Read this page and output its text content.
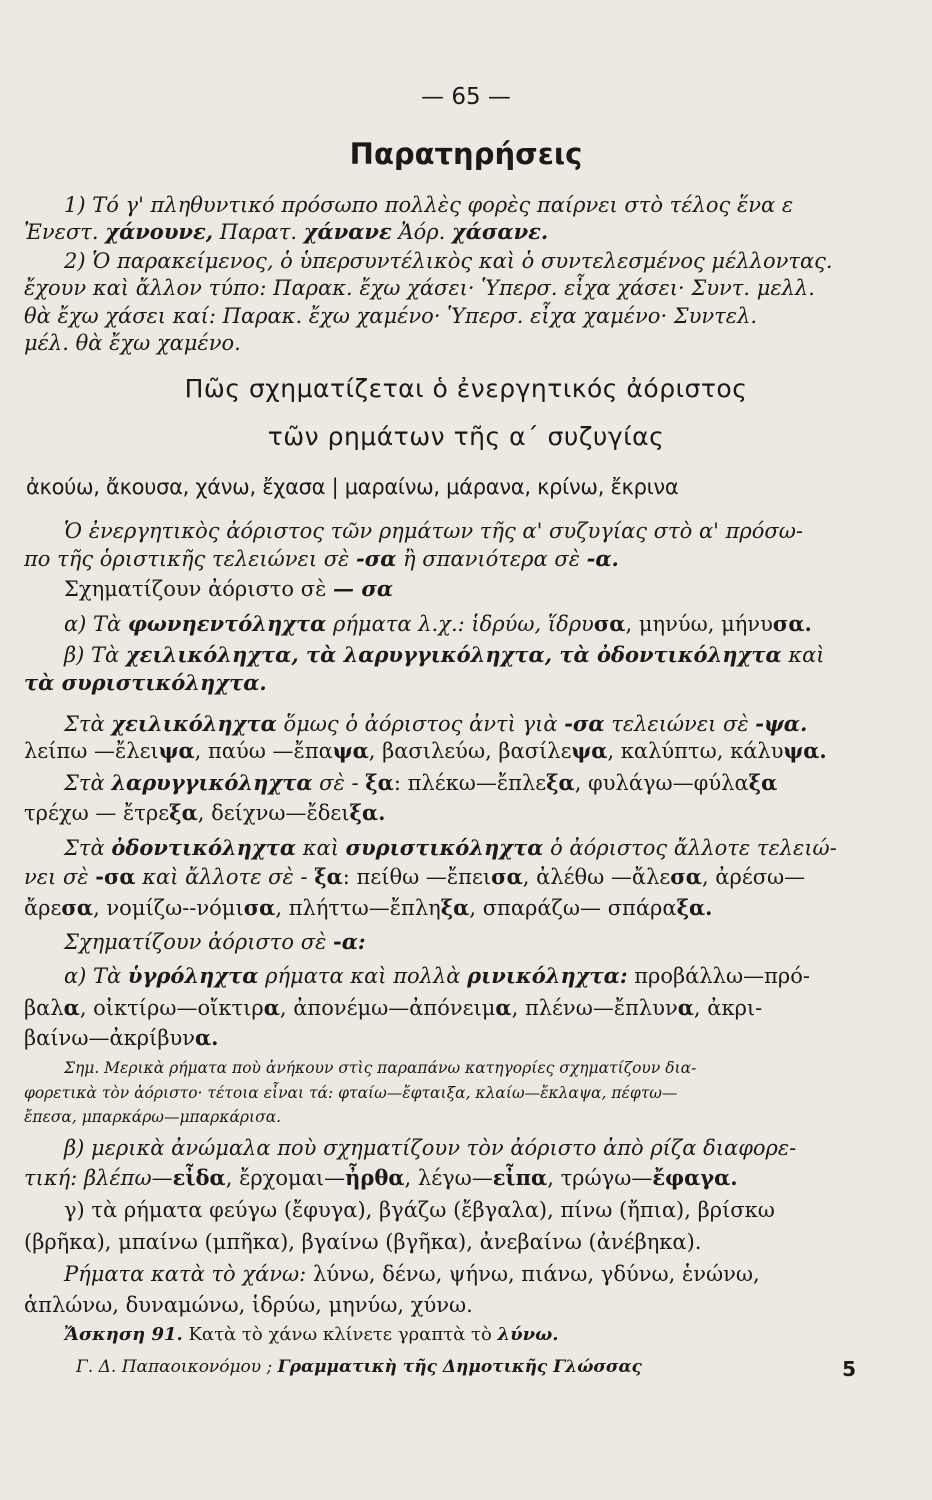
— 65 —
Παρατηρήσεις
1) Τό γ' πληθυντικό πρόσωπο πολλὲς φορὲς παίρνει στὸ τέλος ἕνα ε
Ἐνεστ. χάνουνε, Παρατ. χάνανε Ἀόρ. χάσανε.
2) Ὁ παρακείμενος, ὁ ὑπερσυντέλικὸς καὶ ὁ συντελεσμένος μέλλοντας.
ἔχουν καὶ ἄλλον τύπο: Παρακ. ἔχω χάσει· Ὑπερσ. εἶχα χάσει· Συντ. μελλ.
θὰ ἔχω χάσει καί: Παρακ. ἔχω χαμένο· Ὑπερσ. εἶχα χαμένο· Συντελ.
μέλ. θὰ ἔχω χαμένο.
Πῶς σχηματίζεται ὁ ἐνεργητικός ἀόριστος
τῶν ρημάτων τῆς α΄ συζυγίας
ἀκούω, ἄκουσα, χάνω, ἔχασα | μαραίνω, μάρανα, κρίνω, ἔκρινα
Ὁ ἐνεργητικὸς ἀόριστος τῶν ρημάτων τῆς α' συζυγίας στὸ α' πρόσω-
πο τῆς ὁριστικῆς τελειώνει σὲ -σα ἢ σπανιότερα σὲ -α.
Σχηματίζουν ἀόριστο σὲ — σα
α) Τὰ φωνηεντόληχτα ρήματα λ.χ.: ἱδρύω, ἵδρυσα, μηνύω, μήνυσα.
β) Τὰ χειλικόληχτα, τὰ λαρυγγικόληχτα, τὰ ὀδοντικόληχτα καὶ
τὰ συριστικόληχτα.
Στὰ χειλικόληχτα ὅμως ὁ ἀόριστος ἀντὶ γιὰ -σα τελειώνει σὲ -ψα.
λείπω —ἔλειψα, παύω —ἔπαψα, βασιλεύω, βασίλεψα, καλύπτω, κάλυψα.
Στὰ λαρυγγικόληχτα σὲ - ξα: πλέκω—ἔπλεξα, φυλάγω—φύλαξα
τρέχω — ἔτρεξα, δείχνω—ἔδειξα.
Στὰ ὀδοντικόληχτα καὶ συριστικόληχτα ὁ ἀόριστος ἄλλοτε τελειώ-
νει σὲ -σα καὶ ἄλλοτε σὲ - ξα: πείθω —ἔπεισα, ἀλέθω —ἄλεσα, ἀρέσω—
ἄρεσα, νομίζω--νόμισα, πλήττω—ἔπληξα, σπαράζω— σπάραξα.
Σχηματίζουν ἀόριστο σὲ -α:
α) Τὰ ὑγρόληχτα ρήματα καὶ πολλὰ ρινικόληχτα: προβάλλω—πρό-
βαλα, οἰκτίρω—οἴκτιρα, ἀπονέμω—ἀπόνειμα, πλένω—ἔπλυνα, ἀκρι-
βαίνω—ἀκρίβυνα.
Σημ. Μερικὰ ρήματα ποὺ ἀνήκουν στὶς παραπάνω κατηγορίες σχηματίζουν δια-
φορετικὰ τὸν ἀόριστο· τέτοια εἶναι τά: φταίω—ἔφταιξα, κλαίω—ἔκλαψα, πέφτω—
ἔπεσα, μπαρκάρω—μπαρκάρισα.
β) μερικὰ ἀνώμαλα ποὺ σχηματίζουν τὸν ἀόριστο ἀπὸ ρίζα διαφορε-
τική: βλέπω—εἶδα, ἔρχομαι—ἦρθα, λέγω—εἶπα, τρώγω—ἔφαγα.
γ) τὰ ρήματα φεύγω (ἔφυγα), βγάζω (ἔβγαλα), πίνω (ἤπια), βρίσκω
(βρῆκα), μπαίνω (μπῆκα), βγαίνω (βγῆκα), ἀνεβαίνω (ἀνέβηκα).
Ρήματα κατὰ τὸ χάνω: λύνω, δένω, ψήνω, πιάνω, γδύνω, ἑνώνω,
ἁπλώνω, δυναμώνω, ἱδρύω, μηνύω, χύνω.
Ἄσκηση 91. Κατὰ τὸ χάνω κλίνετε γραπτὰ τὸ λύνω.
Γ. Δ. Παπαοικονόμου ; Γραμματικὴ τῆς Δημοτικῆς Γλώσσας	5
